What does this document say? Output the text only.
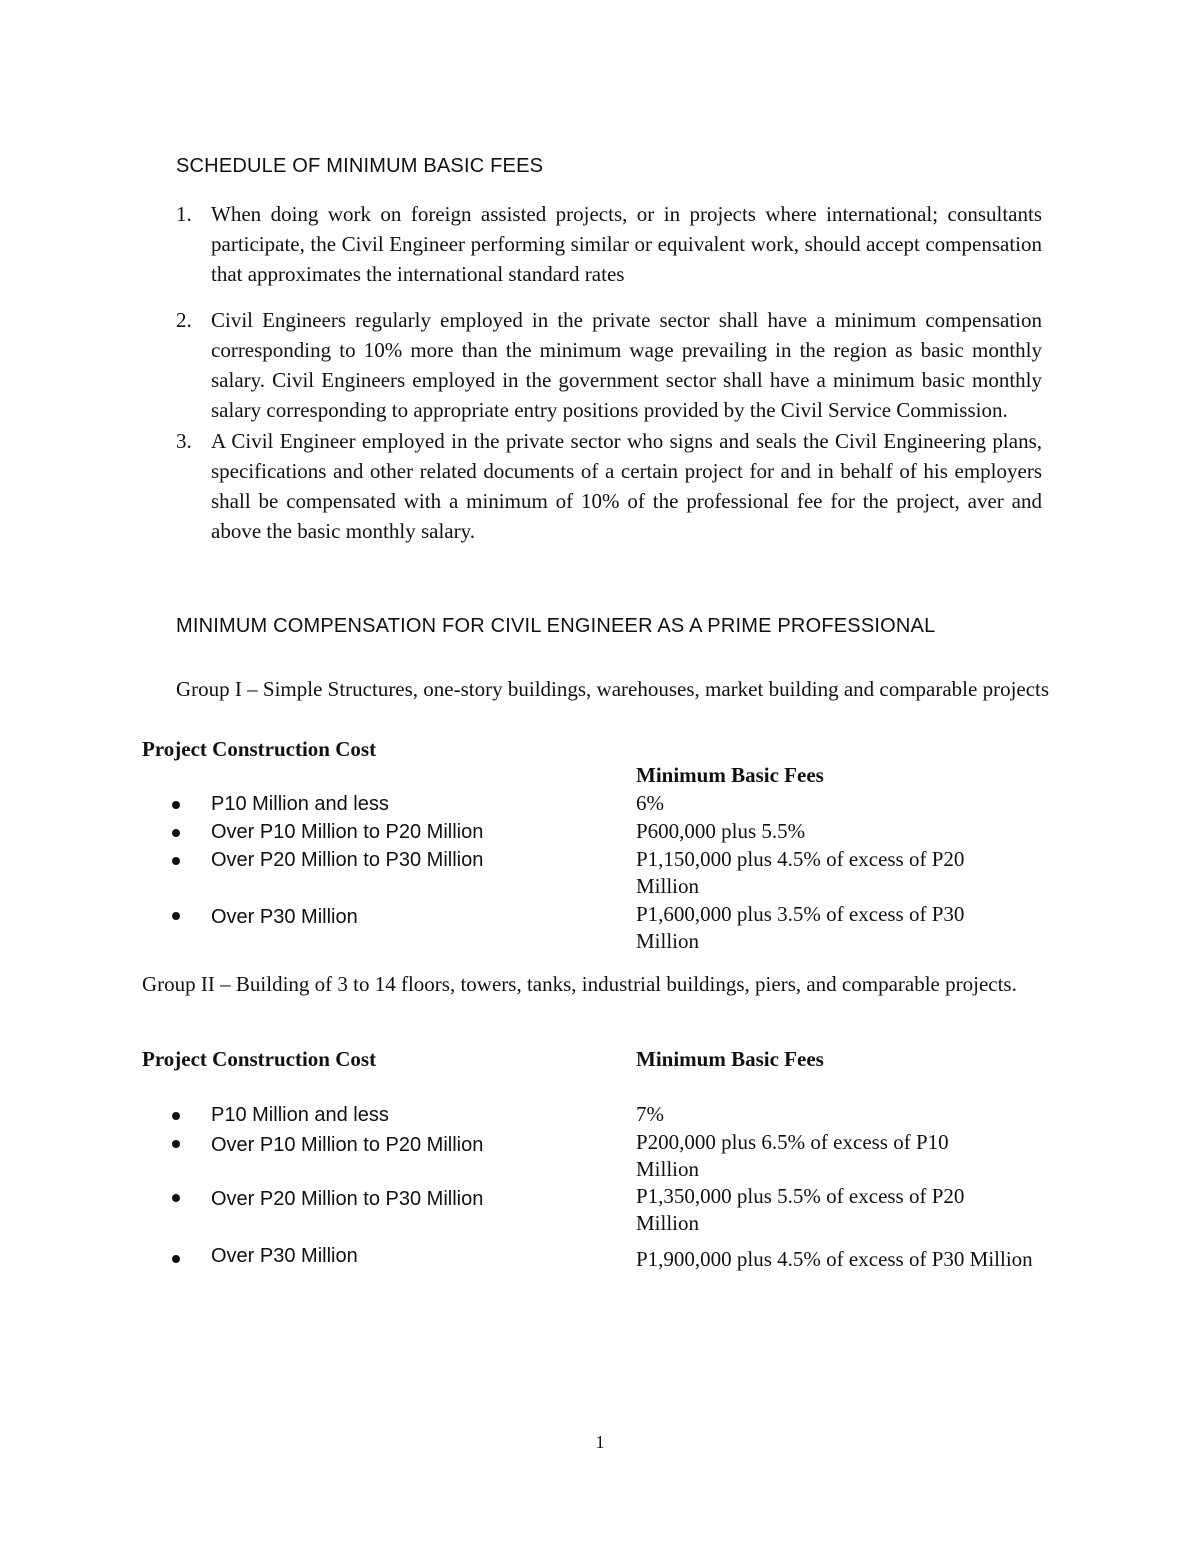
SCHEDULE OF MINIMUM BASIC FEES
1. When doing work on foreign assisted projects, or in projects where international; consultants participate, the Civil Engineer performing similar or equivalent work, should accept compensation that approximates the international standard rates
2. Civil Engineers regularly employed in the private sector shall have a minimum compensation corresponding to 10% more than the minimum wage prevailing in the region as basic monthly salary. Civil Engineers employed in the government sector shall have a minimum basic monthly salary corresponding to appropriate entry positions provided by the Civil Service Commission.
3. A Civil Engineer employed in the private sector who signs and seals the Civil Engineering plans, specifications and other related documents of a certain project for and in behalf of his employers shall be compensated with a minimum of 10% of the professional fee for the project, aver and above the basic monthly salary.
MINIMUM COMPENSATION FOR CIVIL ENGINEER AS A PRIME PROFESSIONAL
Group I – Simple Structures, one-story buildings, warehouses, market building and comparable projects
Project Construction Cost
Minimum Basic Fees
P10 Million and less	6%
Over P10 Million to P20 Million	P600,000 plus 5.5%
Over P20 Million to P30 Million	P1,150,000 plus 4.5% of excess of P20 Million
Over P30 Million	P1,600,000 plus 3.5% of excess of P30 Million
Group II – Building of 3 to 14 floors, towers, tanks, industrial buildings, piers, and comparable projects.
Project Construction Cost	Minimum Basic Fees
P10 Million and less	7%
Over P10 Million to P20 Million	P200,000 plus 6.5% of excess of P10 Million
Over P20 Million to P30 Million	P1,350,000 plus 5.5% of excess of P20 Million
Over P30 Million	P1,900,000 plus 4.5% of excess of P30 Million
1
